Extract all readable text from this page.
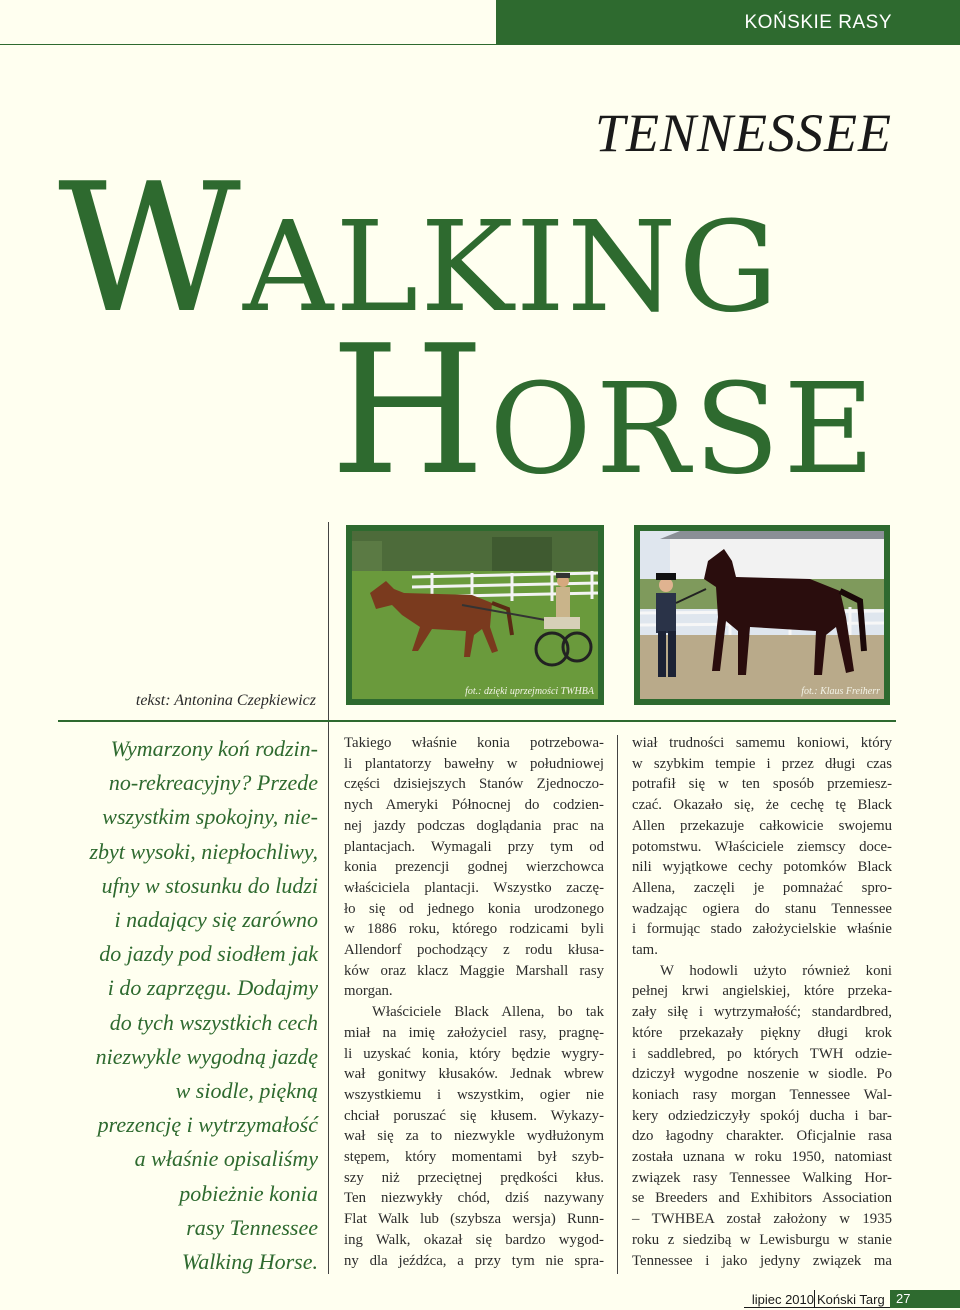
KOŃSKIE RASY
TENNESSEE
Walking
Horse
tekst: Antonina Czepkiewicz
fot.: dzięki uprzejmości TWHBA	fot.: Klaus Freiherr
Wymarzony koń rodzin-
no-rekreacyjny? Przede
wszystkim spokojny, nie-
zbyt wysoki, niepłochliwy,
ufny w stosunku do ludzi
i nadający się zarówno
do jazdy pod siodłem jak
i do zaprzęgu. Dodajmy
do tych wszystkich cech
niezwykle wygodną jazdę
w siodle, piękną
prezencję i wytrzymałość
a właśnie opisaliśmy
pobieżnie konia
rasy Tennessee
Walking Horse.
Takiego właśnie konia potrzebowa-
li plantatorzy bawełny w południowej
części dzisiejszych Stanów Zjednoczo-
nych Ameryki Północnej do codzien-
nej jazdy podczas doglądania prac na
plantacjach. Wymagali przy tym od
konia prezencji godnej wierzchowca
właściciela plantacji. Wszystko zaczę-
ło się od jednego konia urodzonego
w 1886 roku, którego rodzicami byli
Allendorf pochodzący z rodu kłusa-
ków oraz klacz Maggie Marshall rasy
morgan.
Właściciele Black Allena, bo tak
miał na imię założyciel rasy, pragnę-
li uzyskać konia, który będzie wygry-
wał gonitwy kłusaków. Jednak wbrew
wszystkiemu i wszystkim, ogier nie
chciał poruszać się kłusem. Wykazy-
wał się za to niezwykle wydłużonym
stępem, który momentami był szyb-
szy niż przeciętnej prędkości kłus.
Ten niezwykły chód, dziś nazywany
Flat Walk lub (szybsza wersja) Runn-
ing Walk, okazał się bardzo wygod-
ny dla jeźdźca, a przy tym nie spra-
wiał trudności samemu koniowi, który
w szybkim tempie i przez długi czas
potrafił się w ten sposób przemiesz-
czać. Okazało się, że cechę tę Black
Allen przekazuje całkowicie swojemu
potomstwu. Właściciele ziemscy doce-
nili wyjątkowe cechy potomków Black
Allena, zaczęli je pomnażać spro-
wadzając ogiera do stanu Tennessee
i formując stado założycielskie właśnie
tam.
W hodowli użyto również koni
pełnej krwi angielskiej, które przeka-
zały siłę i wytrzymałość; standardbred,
które przekazały piękny długi krok
i saddlebred, po których TWH odzie-
dziczył wygodne noszenie w siodle. Po
koniach rasy morgan Tennessee Wal-
kery odziedziczyły spokój ducha i bar-
dzo łagodny charakter. Oficjalnie rasa
została uznana w roku 1950, natomiast
związek rasy Tennessee Walking Hor-
se Breeders and Exhibitors Association
– TWHBEA został założony w 1935
roku z siedzibą w Lewisburgu w stanie
Tennessee i jako jedyny związek ma
lipiec 2010 Koński Targ 27
